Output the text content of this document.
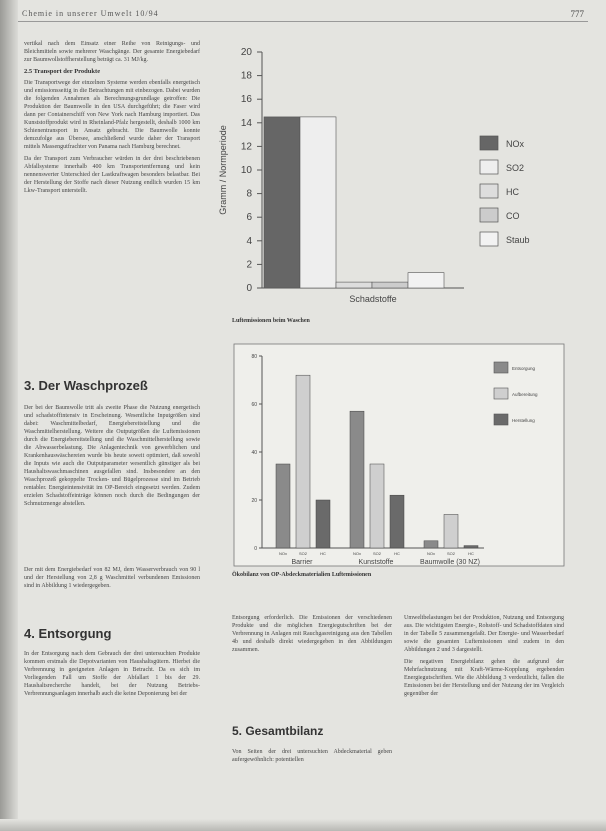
Chemie in unserer Umwelt 10/94	777

vertikal nach dem Einsatz einer Reihe von Reinigungs- und Bleichmitteln sowie mehrerer Waschgänge. Der gesamte Energiebedarf zur Baumwollstoffherstellung beträgt ca. 31 MJ/kg.

2.5 Transport der Produkte

Die Transportwege der einzelnen Systeme werden ebenfalls energetisch und emissionsseitig in die Betrachtungen mit einbezogen. Dabei wurden die folgenden Annahmen als Berechnungsgrundlage getroffen: Die Produktion der Baumwolle in den USA durchgeführt; die Faser wird dann per Containerschiff von New York nach Hamburg importiert. Das Kunststoffprodukt wird in Rheinland-Pfalz hergestellt, deshalb 1000 km Schienentransport in Ansatz gebracht. Die Baumwolle konnte demzufolge aus Übersee, anschließend wurde daher der Transport mittels Massengutfrachter von Panama nach Hamburg berechnet.

Da der Transport zum Verbraucher würden in der drei beschriebenen Abfallsysteme innerhalb 400 km Transportentfernung und kein nennenswerter Unterschied der Lastkraftwagen besonders belastbar. Bei der Herstellung der Stoffe nach dieser Nutzung endlich wurden 15 km Lkw-Transport unterstellt.

0
2
4
6
8
10
12
14
16
18
20
Gramm / Normperiode
Schadstoffe
NOx
SO2
HC
CO
Staub
Luftemissionen beim Waschen
3. Der Waschprozeß

Der bei der Baumwolle tritt als zweite Phase die Nutzung energetisch und schadstoffintensiv in Erscheinung. Wesentliche Inputgrößen sind dabei: Waschmittelbedarf, Energiebereitstellung und die Waschmittelherstellung. Weitere die Outputgrößen die Luftemissionen durch die Energiebereitstellung und die Waschmittelherstellung sowie die Abwasserbelastung. Die Anlagentechnik von gewerblichen und Krankenhauswäschereien wurde bis heute soweit optimiert, daß sowohl die Inputs wie auch die Outputparameter wesentlich günstiger als bei Haushaltswaschmaschinen ausgefallen sind. Insbesondere an den Waschprozeß gekoppelte Trocken- und Bügelprozesse sind im Betrieb rentabler. Energieintensivität im OP-Bereich eingesetzt werden. Zudem erzielen Schadstoffeinträge können noch durch die Bedingungen der Schmutzmenge abstellen.

Der mit dem Energiebedarf von 82 MJ, dem Wasserverbrauch von 90 l und der Herstellung von 2,8 g Waschmittel verbundenen Emissionen sind in Abbildung 1 wiedergegeben.

0
20
40
60
80
NOx	SO2	HC
Barrier
NOx	SO2	HC
Kunststoffe
NOx	SO2	HC
Baumwolle (30 NZ)
Entsorgung
Aufbereitung
Herstellung
Ökobilanz von OP-Abdeckmaterialien Luftemissionen
4. Entsorgung

In der Entsorgung nach dem Gebrauch der drei untersuchten Produkte kommen erstmals die Depotvarianten von Haushaltsgütern. Hierbei die Verbrennung in geeigneten Anlagen in Betracht. Da es sich im Vorliegenden Fall um Stoffe der Abfallart 1 bis der 29. Haushaltsrecherche handelt, bei der Nutzung Betriebs-Verbrennungsanlagen innerhalb auch die keine Deponierung bei der

Entsorgung erforderlich. Die Emissionen der verschiedenen Produkte und die möglichen Energiegutschriften bei der Verbrennung in Anlagen mit Rauchgasreinigung aus den Tabellen 4b und deshalb direkt wiedergegeben in den Abbildungen zusammen.

5. Gesamtbilanz

Von Seiten der drei untersuchten Abdeckmaterial geben aufergewöhnlich: potentiellen

Umweltbelastungen bei der Produktion, Nutzung und Entsorgung aus. Die wichtigsten Energie-, Rohstoff- und Schadstoffdaten sind in der Tabelle 5 zusammengefaßt. Der Energie- und Wasserbedarf sowie die gesamten Luftemissionen sind zudem in den Abbildungen 2 und 3 dargestellt.

Die negativen Energiebilanz gehen die aufgrund der Mehrfachnutzung mit Kraft-Wärme-Kopplung ergebenden Energiegutschriften. Wie die Abbildung 3 verdeutlicht, fallen die Emissionen bei der Herstellung und der Nutzung der im Vergleich gegenüber der
